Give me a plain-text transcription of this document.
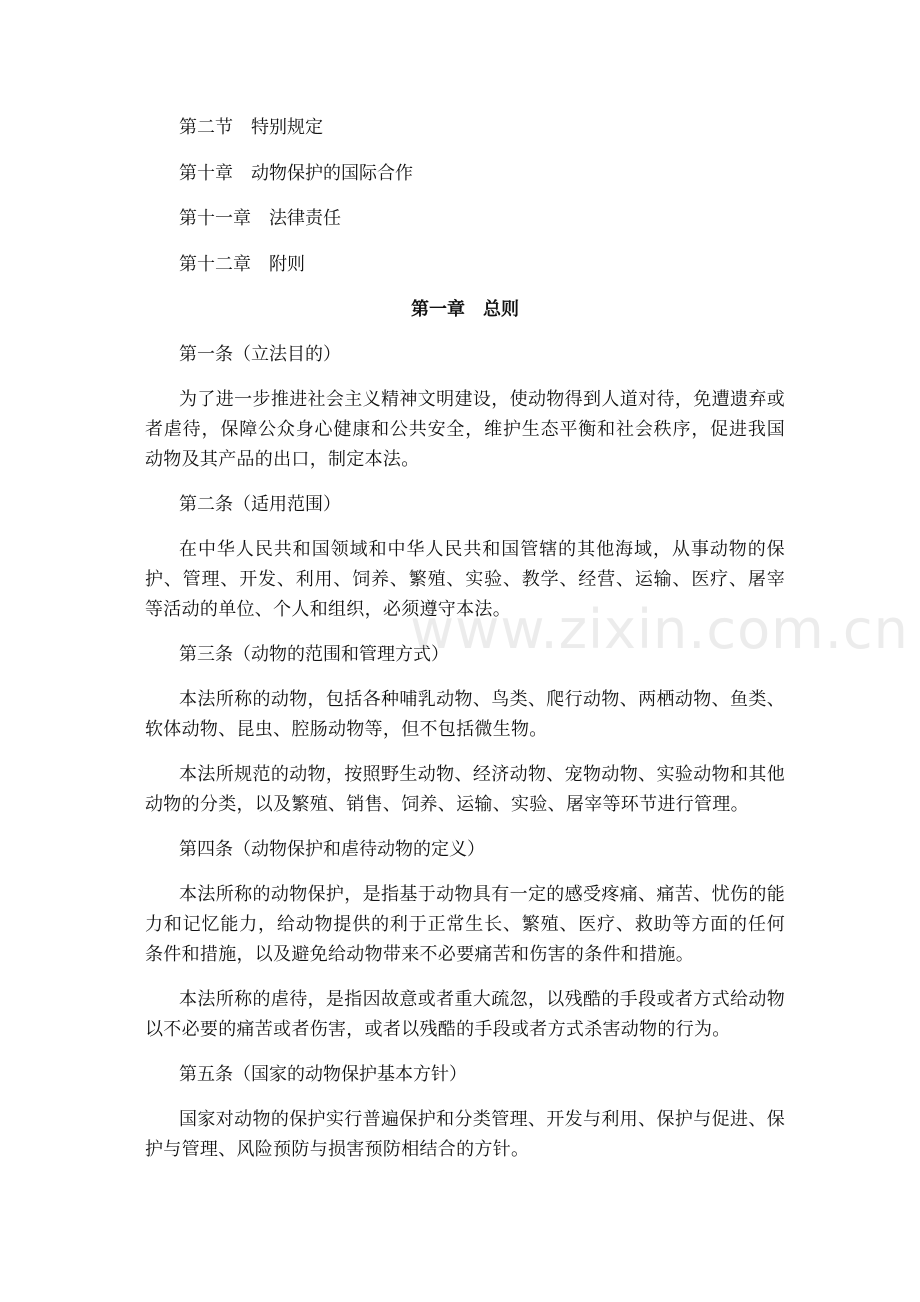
第二节 特别规定
第十章 动物保护的国际合作
第十一章 法律责任
第十二章 附则
第一章 总则
第一条（立法目的）
为了进一步推进社会主义精神文明建设，使动物得到人道对待，免遭遗弃或者虐待，保障公众身心健康和公共安全，维护生态平衡和社会秩序，促进我国动物及其产品的出口，制定本法。
第二条（适用范围）
在中华人民共和国领域和中华人民共和国管辖的其他海域，从事动物的保护、管理、开发、利用、饲养、繁殖、实验、教学、经营、运输、医疗、屠宰等活动的单位、个人和组织，必须遵守本法。
第三条（动物的范围和管理方式）
本法所称的动物，包括各种哺乳动物、鸟类、爬行动物、两栖动物、鱼类、软体动物、昆虫、腔肠动物等，但不包括微生物。
本法所规范的动物，按照野生动物、经济动物、宠物动物、实验动物和其他动物的分类，以及繁殖、销售、饲养、运输、实验、屠宰等环节进行管理。
第四条（动物保护和虐待动物的定义）
本法所称的动物保护，是指基于动物具有一定的感受疼痛、痛苦、忧伤的能力和记忆能力，给动物提供的利于正常生长、繁殖、医疗、救助等方面的任何条件和措施，以及避免给动物带来不必要痛苦和伤害的条件和措施。
本法所称的虐待，是指因故意或者重大疏忽，以残酷的手段或者方式给动物以不必要的痛苦或者伤害，或者以残酷的手段或者方式杀害动物的行为。
第五条（国家的动物保护基本方针）
国家对动物的保护实行普遍保护和分类管理、开发与利用、保护与促进、保护与管理、风险预防与损害预防相结合的方针。
www.zixin.com.cn
